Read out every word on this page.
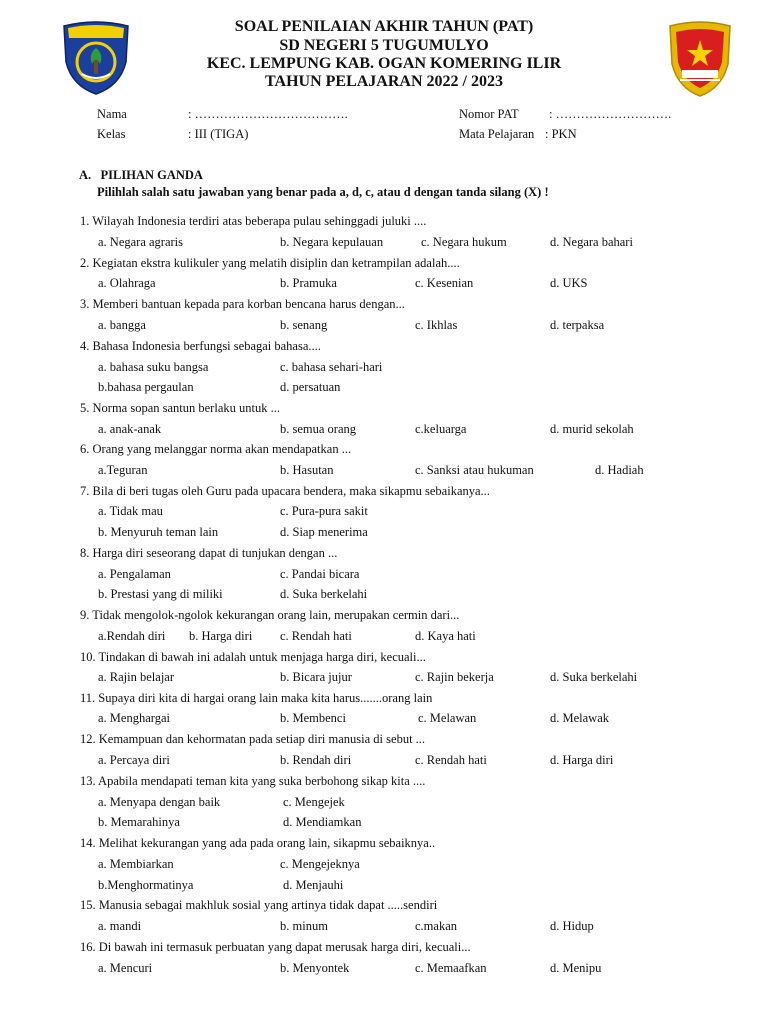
SOAL PENILAIAN AKHIR TAHUN (PAT)
SD NEGERI 5 TUGUMULYO
KEC. LEMPUNG KAB. OGAN KOMERING ILIR
TAHUN PELAJARAN 2022 / 2023
Nama	: ……………………………….	Nomor PAT : ……………………….
Kelas	: III (TIGA)	Mata Pelajaran : PKN
A.   PILIHAN GANDA
Pilihlah salah satu jawaban yang benar pada a, d, c, atau d dengan tanda silang (X) !
1. Wilayah Indonesia terdiri atas beberapa pulau sehinggadi juluki ....
a. Negara agraris	b. Negara kepulauan	c. Negara hukum	d. Negara bahari
2. Kegiatan ekstra kulikuler yang melatih disiplin dan ketrampilan adalah....
a. Olahraga	b. Pramuka	c. Kesenian	d. UKS
3. Memberi bantuan kepada para korban bencana harus dengan...
a. bangga	b. senang	c. Ikhlas	d. terpaksa
4. Bahasa Indonesia berfungsi sebagai bahasa....
a. bahasa suku bangsa	c. bahasa sehari-hari
b.bahasa pergaulan	d. persatuan
5. Norma sopan santun berlaku untuk ...
a. anak-anak	b. semua orang	c.keluarga	d. murid sekolah
6. Orang yang melanggar norma akan mendapatkan ...
a.Teguran	b. Hasutan	c. Sanksi atau hukuman	d. Hadiah
7. Bila di beri tugas oleh Guru pada upacara bendera, maka sikapmu sebaikanya...
a. Tidak mau	c. Pura-pura sakit
b. Menyuruh teman lain	d. Siap menerima
8. Harga diri seseorang dapat di tunjukan dengan ...
a. Pengalaman	c. Pandai bicara
b. Prestasi yang di miliki	d. Suka berkelahi
9. Tidak mengolok-ngolok kekurangan orang lain, merupakan cermin dari...
a.Rendah diri b. Harga diri c. Rendah hati	d. Kaya hati
10. Tindakan di bawah ini adalah untuk menjaga harga diri, kecuali...
a. Rajin belajar	b. Bicara jujur	c. Rajin bekerja	d. Suka berkelahi
11. Supaya diri kita di hargai orang lain maka kita harus.......orang lain
a. Menghargai	b. Membenci	c. Melawan	d. Melawak
12. Kemampuan dan kehormatan pada setiap diri manusia di sebut ...
a. Percaya diri	b. Rendah diri	c. Rendah hati	d. Harga diri
13. Apabila mendapati teman kita yang suka berbohong sikap kita ....
a. Menyapa dengan baik	c. Mengejek
b. Memarahinya	d. Mendiamkan
14. Melihat kekurangan yang ada pada orang lain, sikapmu sebaiknya..
a. Membiarkan	c. Mengejeknya
b.Menghormatinya	d. Menjauhi
15. Manusia sebagai makhluk sosial yang artinya tidak dapat .....sendiri
a. mandi	b. minum	c.makan	d. Hidup
16. Di bawah ini termasuk perbuatan yang dapat merusak harga diri, kecuali...
a. Mencuri	b. Menyontek	c. Memaafkan	d. Menipu
